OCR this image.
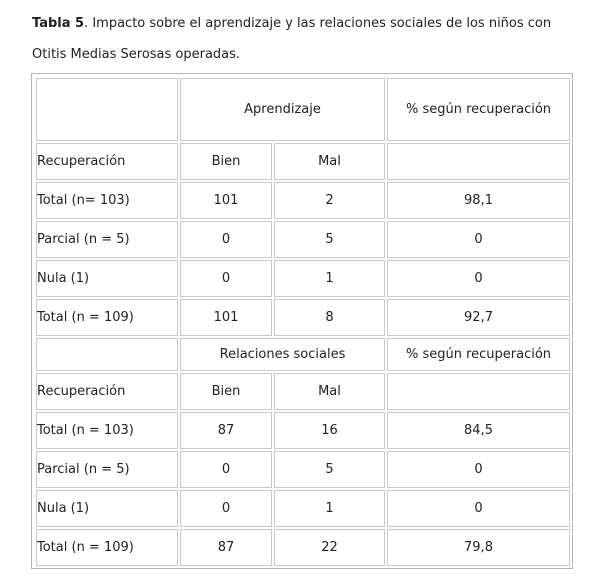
Tabla 5. Impacto sobre el aprendizaje y las relaciones sociales de los niños con
Otitis Medias Serosas operadas.
	Aprendizaje		% según recuperación
Recuperación	Bien	Mal	
Total (n= 103)	101	2	98,1
Parcial (n = 5)	0	5	0
Nula (1)	0	1	0
Total (n = 109)	101	8	92,7
	Relaciones sociales		% según recuperación
Recuperación	Bien	Mal	
Total (n = 103)	87	16	84,5
Parcial (n = 5)	0	5	0
Nula (1)	0	1	0
Total (n = 109)	87	22	79,8
